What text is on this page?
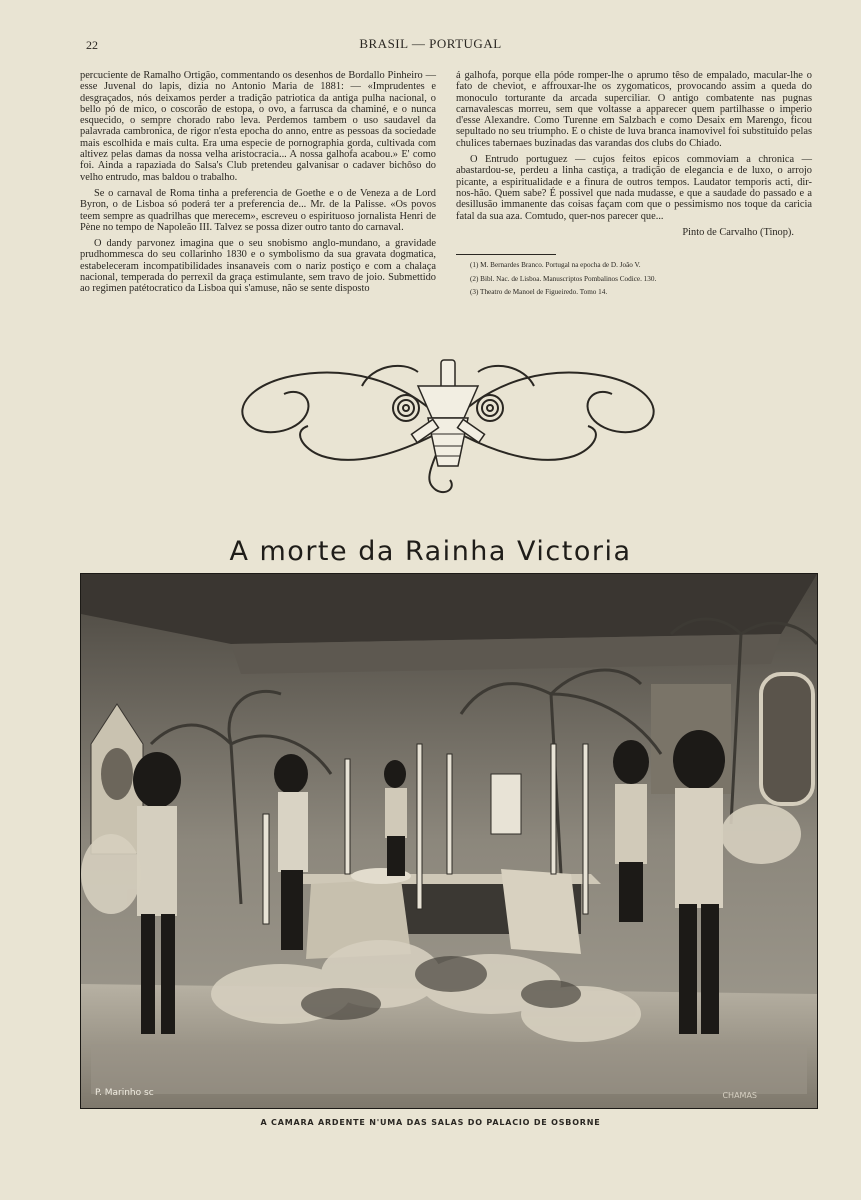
22	BRASIL — PORTUGAL

percuciente de Ramalho Ortigão, commentando os desenhos de Bordallo Pinheiro — esse Juvenal do lapis, dizia no Antonio Maria de 1881: — «Imprudentes e desgraçados, nós deixamos perder a tradição patriotica da antiga pulha nacional, o bello pó de mico, o coscorão de estopa, o ovo, a farrusca da chaminé, e o nunca esquecido, o sempre chorado rabo leva. Perdemos tambem o uso saudavel da palavrada cambronica, de rigor n'esta epocha do anno, entre as pessoas da sociedade mais escolhida e mais culta. Era uma especie de pornographia gorda, cultivada com altivez pelas damas da nossa velha aristocracia... A nossa galhofa acabou.» E' como foi. Ainda a rapaziada do Salsa's Club pretendeu galvanisar o cadaver bichôso do velho entrudo, mas baldou o trabalho.

Se o carnaval de Roma tinha a preferencia de Goethe e o de Veneza a de Lord Byron, o de Lisboa só poderá ter a preferencia de... Mr. de la Palisse. «Os povos teem sempre as quadrilhas que merecem», escreveu o espirituoso jornalista Henri de Pène no tempo de Napoleão III. Talvez se possa dizer outro tanto do carnaval.

O dandy parvonez imagina que o seu snobismo anglo-mundano, a gravidade prudhommesca do seu collarinho 1830 e o symbolismo da sua gravata dogmatica, estabeleceram incompatibilidades insanaveis com o nariz postiço e com a chalaça nacional, temperada do perrexil da graça estimulante, sem travo de joio. Submettido ao regimen patétocratico da Lisboa qui s'amuse, não se sente disposto

á galhofa, porque ella póde romper-lhe o aprumo têso de empalado, macular-lhe o fato de cheviot, e affrouxar-lhe os zygomaticos, provocando assim a queda do monoculo torturante da arcada superciliar. O antigo combatente nas pugnas carnavalescas morreu, sem que voltasse a apparecer quem partilhasse o imperio d'esse Alexandre. Como Turenne em Salzbach e como Desaix em Marengo, ficou sepultado no seu triumpho. E o chiste de luva branca inamovivel foi substituido pelas chulices tabernaes buzinadas das varandas dos clubs do Chiado.

O Entrudo portuguez — cujos feitos epicos commoviam a chronica — abastardou-se, perdeu a linha castiça, a tradição de elegancia e de luxo, o arrojo picante, a espiritualidade e a finura de outros tempos. Laudator temporis acti, dir-nos-hão. Quem sabe? É possivel que nada mudasse, e que a saudade do passado e a desillusão immanente das coisas façam com que o pessimismo nos toque da caricia fatal da sua aza. Comtudo, quer-nos parecer que...

Pinto de Carvalho (Tinop).

(1) M. Bernardes Branco. Portugal na epocha de D. João V.

(2) Bibl. Nac. de Lisboa. Manuscriptos Pombalinos Codice. 130.

(3) Theatro de Manoel de Figueiredo. Tomo 14.

A morte da Rainha Victoria
P. Marinho sc	CHAMAS
A CAMARA ARDENTE N'UMA DAS SALAS DO PALACIO DE OSBORNE
